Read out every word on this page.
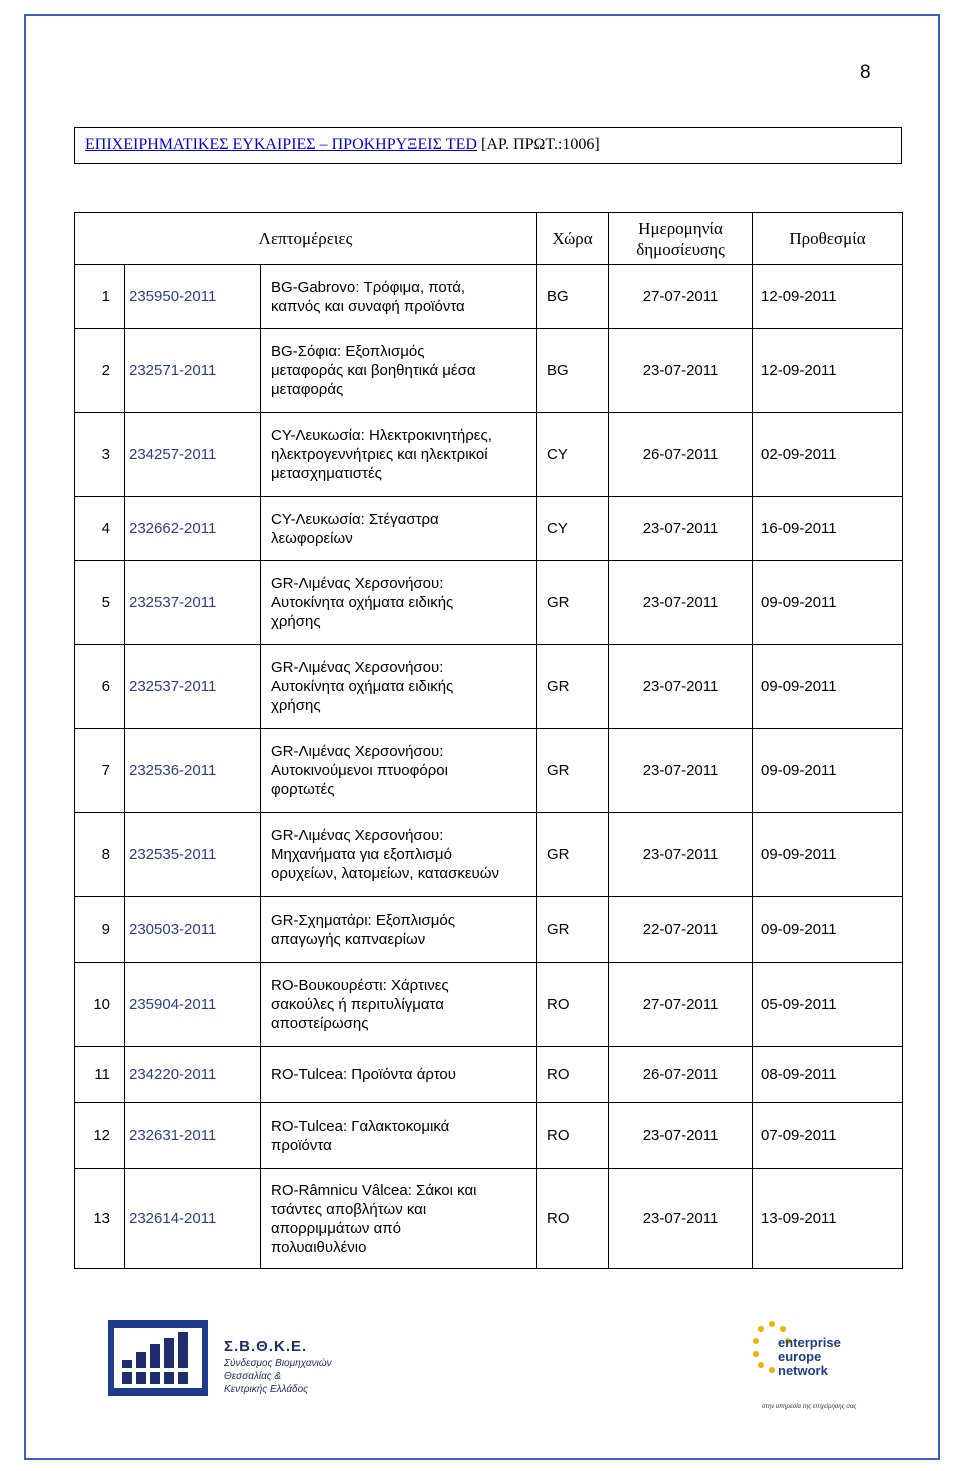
8
ΕΠΙΧΕΙΡΗΜΑΤΙΚΕΣ ΕΥΚΑΙΡΙΕΣ – ΠΡΟΚΗΡΥΞΕΙΣ TED [ΑΡ. ΠΡΩΤ.:1006]
Λεπτομέρειες			Χώρα	Ημερομηνία
δημοσίευσης	Προθεσμία
1	235950-2011	BG-Gabrovo: Τρόφιμα, ποτά,
καπνός και συναφή προϊόντα	BG	27-07-2011	12-09-2011
2	232571-2011	BG-Σόφια: Εξοπλισμός
μεταφοράς και βοηθητικά μέσα
μεταφοράς	BG	23-07-2011	12-09-2011
3	234257-2011	CY-Λευκωσία: Ηλεκτροκινητήρες,
ηλεκτρογεννήτριες και ηλεκτρικοί
μετασχηματιστές	CY	26-07-2011	02-09-2011
4	232662-2011	CY-Λευκωσία: Στέγαστρα
λεωφορείων	CY	23-07-2011	16-09-2011
5	232537-2011	GR-Λιμένας Χερσονήσου:
Αυτοκίνητα οχήματα ειδικής
χρήσης	GR	23-07-2011	09-09-2011
6	232537-2011	GR-Λιμένας Χερσονήσου:
Αυτοκίνητα οχήματα ειδικής
χρήσης	GR	23-07-2011	09-09-2011
7	232536-2011	GR-Λιμένας Χερσονήσου:
Αυτοκινούμενοι πτυοφόροι
φορτωτές	GR	23-07-2011	09-09-2011
8	232535-2011	GR-Λιμένας Χερσονήσου:
Μηχανήματα για εξοπλισμό
ορυχείων, λατομείων, κατασκευών	GR	23-07-2011	09-09-2011
9	230503-2011	GR-Σχηματάρι: Εξοπλισμός
απαγωγής καπναερίων	GR	22-07-2011	09-09-2011
10	235904-2011	RO-Βουκουρέστι: Χάρτινες
σακούλες ή περιτυλίγματα
αποστείρωσης	RO	27-07-2011	05-09-2011
11	234220-2011	RO-Tulcea: Προϊόντα άρτου	RO	26-07-2011	08-09-2011
12	232631-2011	RO-Tulcea: Γαλακτοκομικά
προϊόντα	RO	23-07-2011	07-09-2011
13	232614-2011	RO-Râmnicu Vâlcea: Σάκοι και
τσάντες αποβλήτων και
απορριμμάτων από
πολυαιθυλένιο	RO	23-07-2011	13-09-2011
Σ.Β.Θ.Κ.Ε.
Σύνδεσμος Βιομηχανιών
Θεσσαλίας &
Κεντρικής Ελλάδος
enterprise
europe
network
στην υπηρεσία της επιχείρησης σας
